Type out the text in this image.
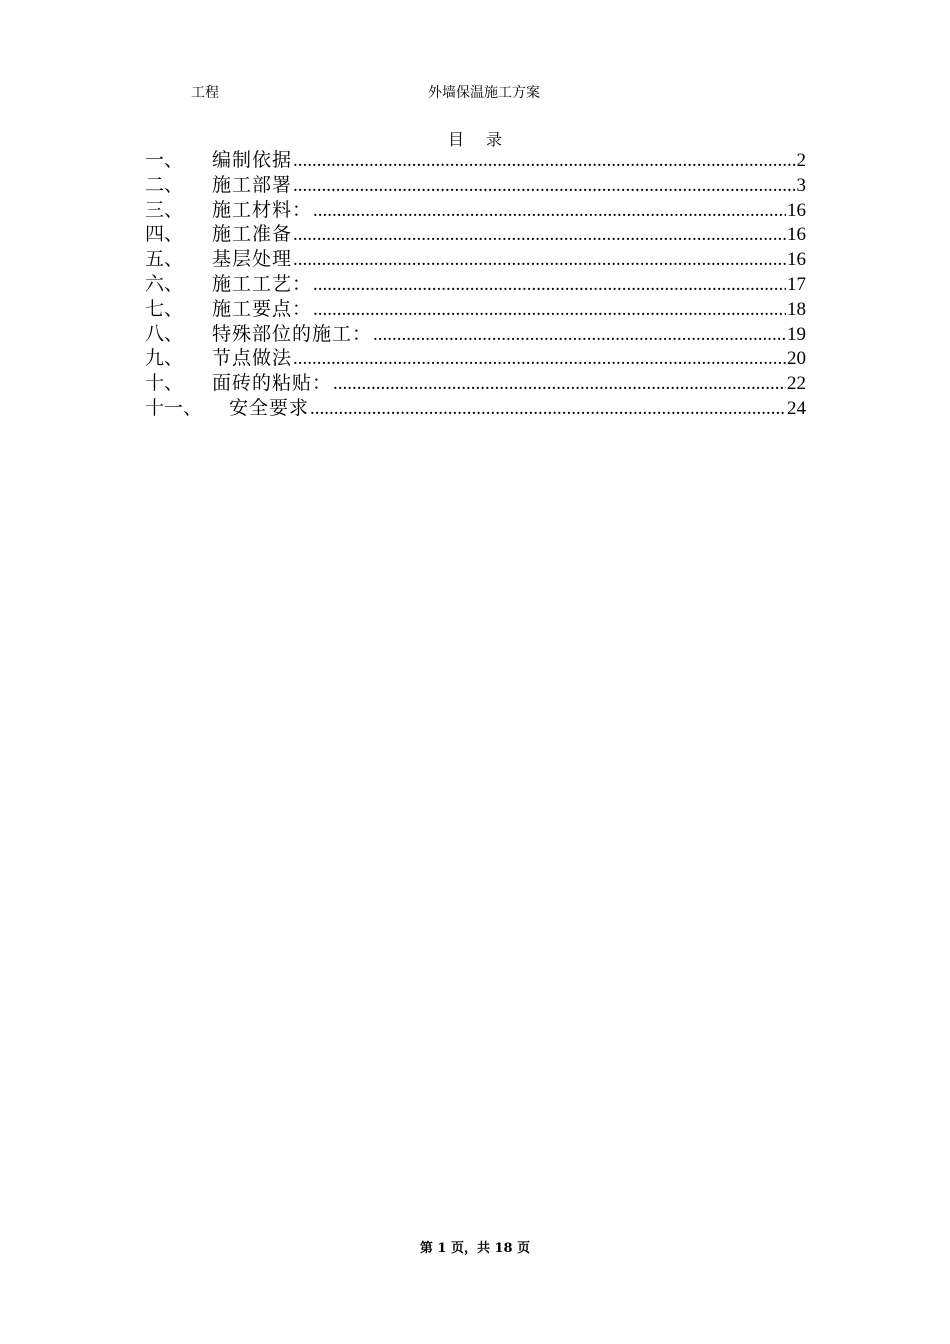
工程	外墙保温施工方案
目录
一、	编制依据 .....	2
二、	施工部署 .....	3
三、	施工材料： .....	16
四、	施工准备 .....	16
五、	基层处理 .....	16
六、	施工工艺： .....	17
七、	施工要点： .....	18
八、	特殊部位的施工： .....	19
九、	节点做法 .....	20
十、	面砖的粘贴： .....	22
十一、	安全要求 .....	24
第 1 页，共 18 页
